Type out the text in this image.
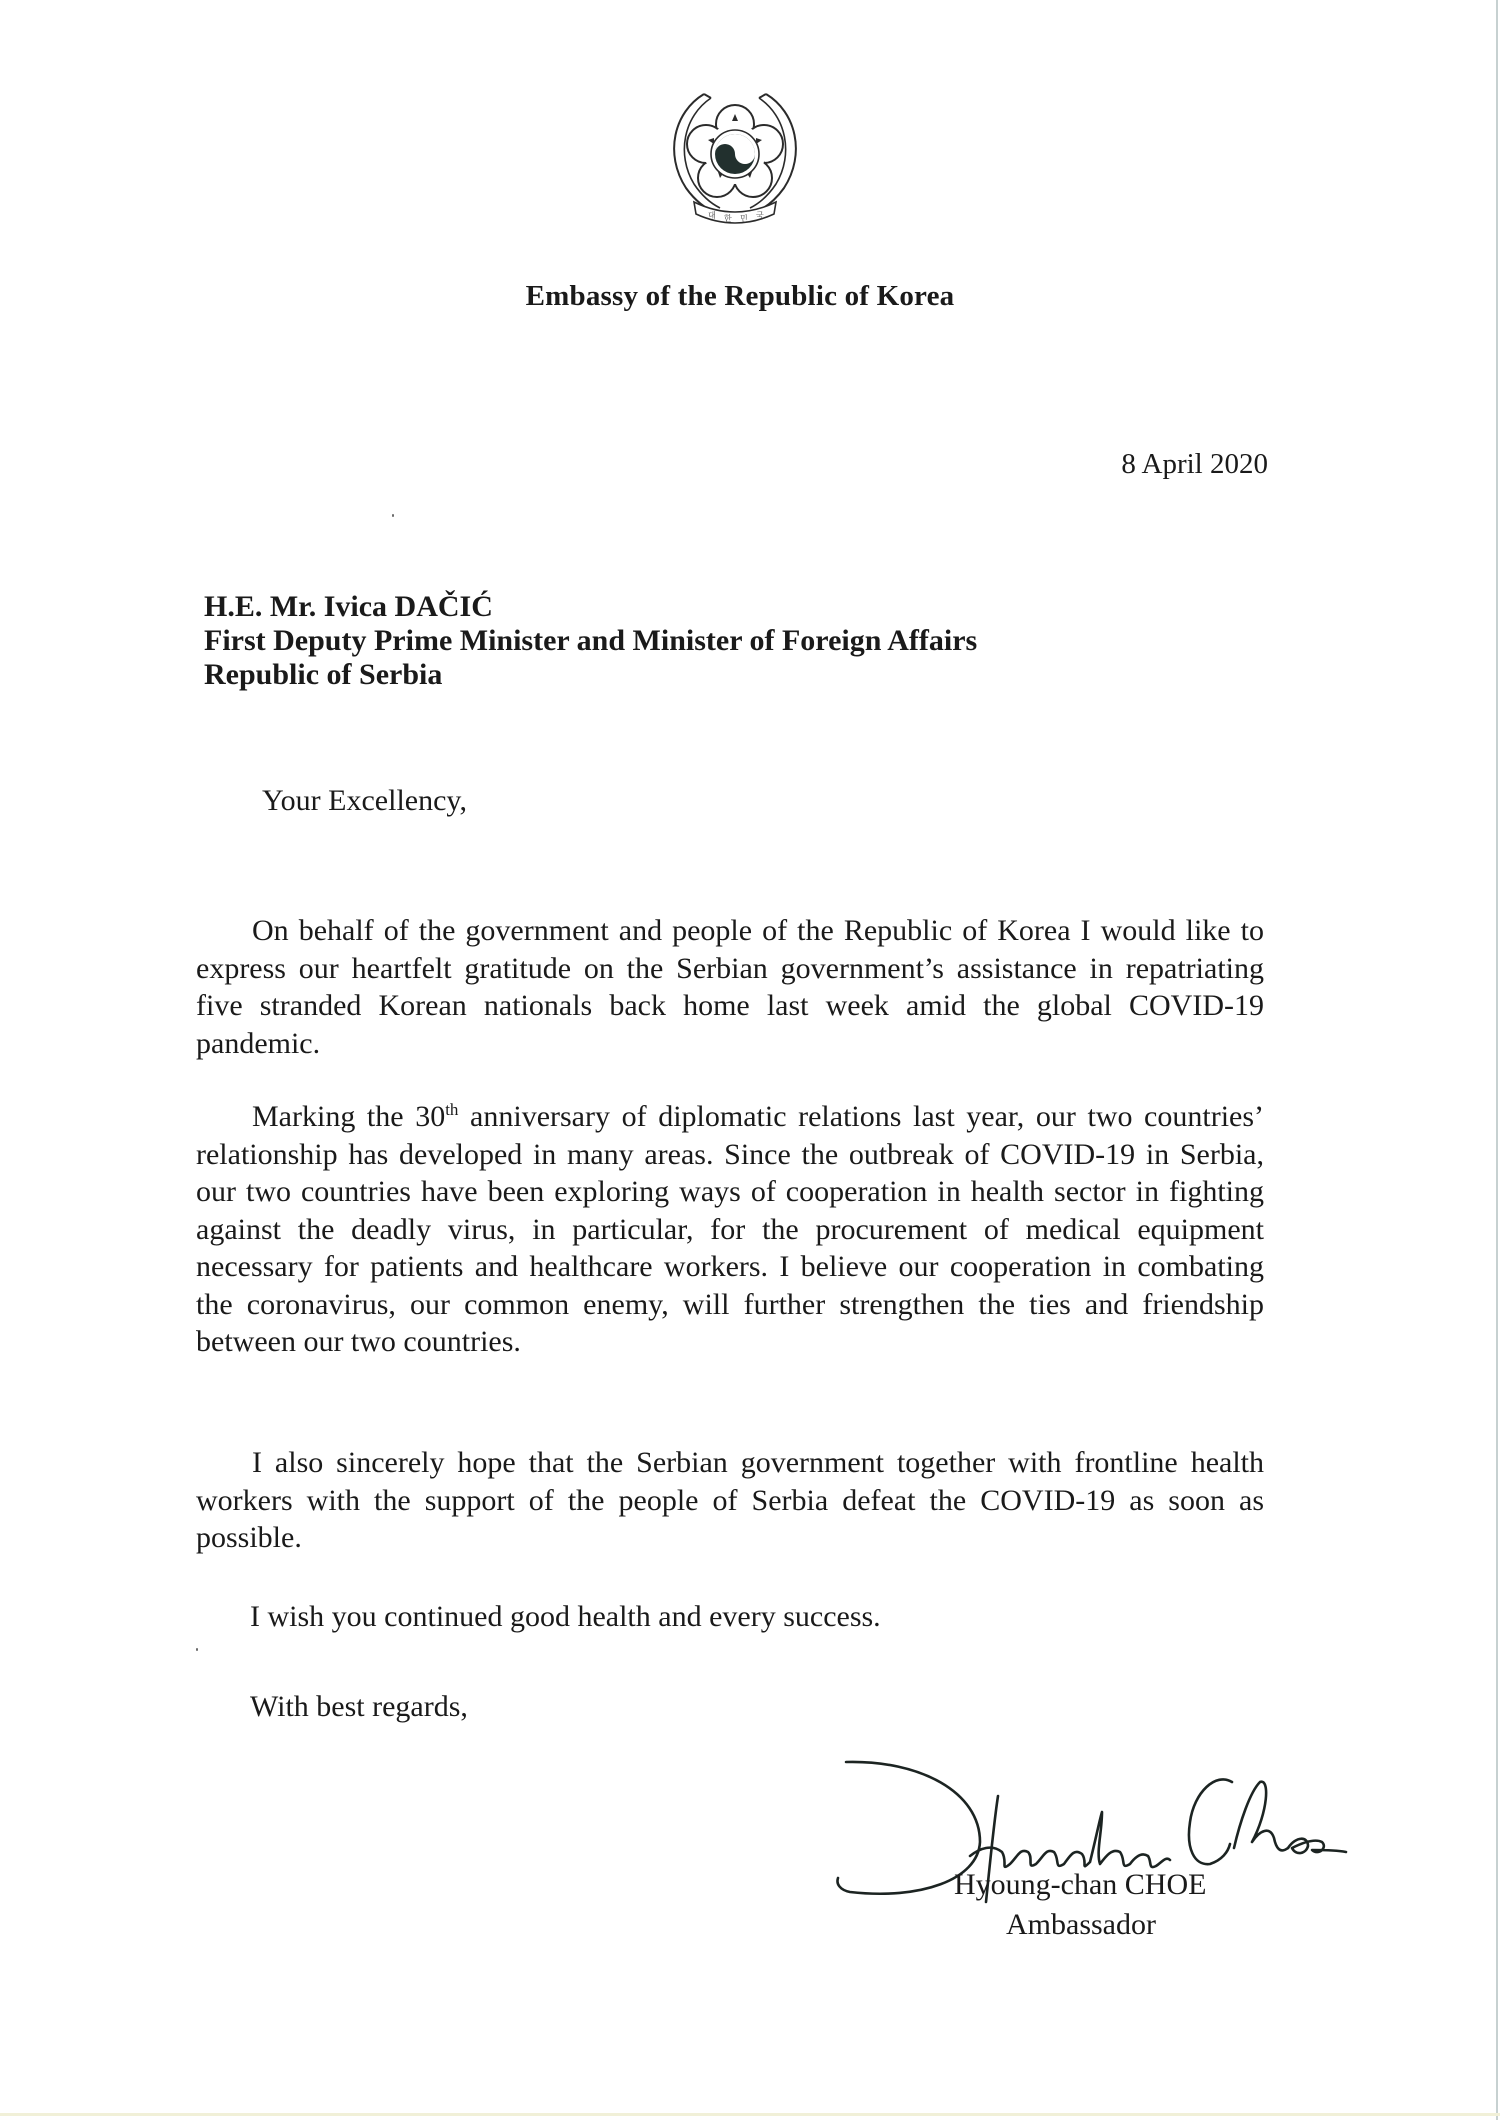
대 한 민 국
Embassy of the Republic of Korea
8 April 2020
H.E. Mr. Ivica DAČIĆ
First Deputy Prime Minister and Minister of Foreign Affairs
Republic of Serbia
Your Excellency,
On behalf of the government and people of the Republic of Korea I would like to express our heartfelt gratitude on the Serbian government’s assistance in repatriating five stranded Korean nationals back home last week amid the global COVID-19 pandemic.
Marking the 30th anniversary of diplomatic relations last year, our two countries’ relationship has developed in many areas. Since the outbreak of COVID-19 in Serbia, our two countries have been exploring ways of cooperation in health sector in fighting against the deadly virus, in particular, for the procurement of medical equipment necessary for patients and healthcare workers. I believe our cooperation in combating the coronavirus, our common enemy, will further strengthen the ties and friendship between our two countries.
I also sincerely hope that the Serbian government together with frontline health workers with the support of the people of Serbia defeat the COVID-19 as soon as possible.
I wish you continued good health and every success.
With best regards,
Hyoung-chan CHOE
Ambassador
